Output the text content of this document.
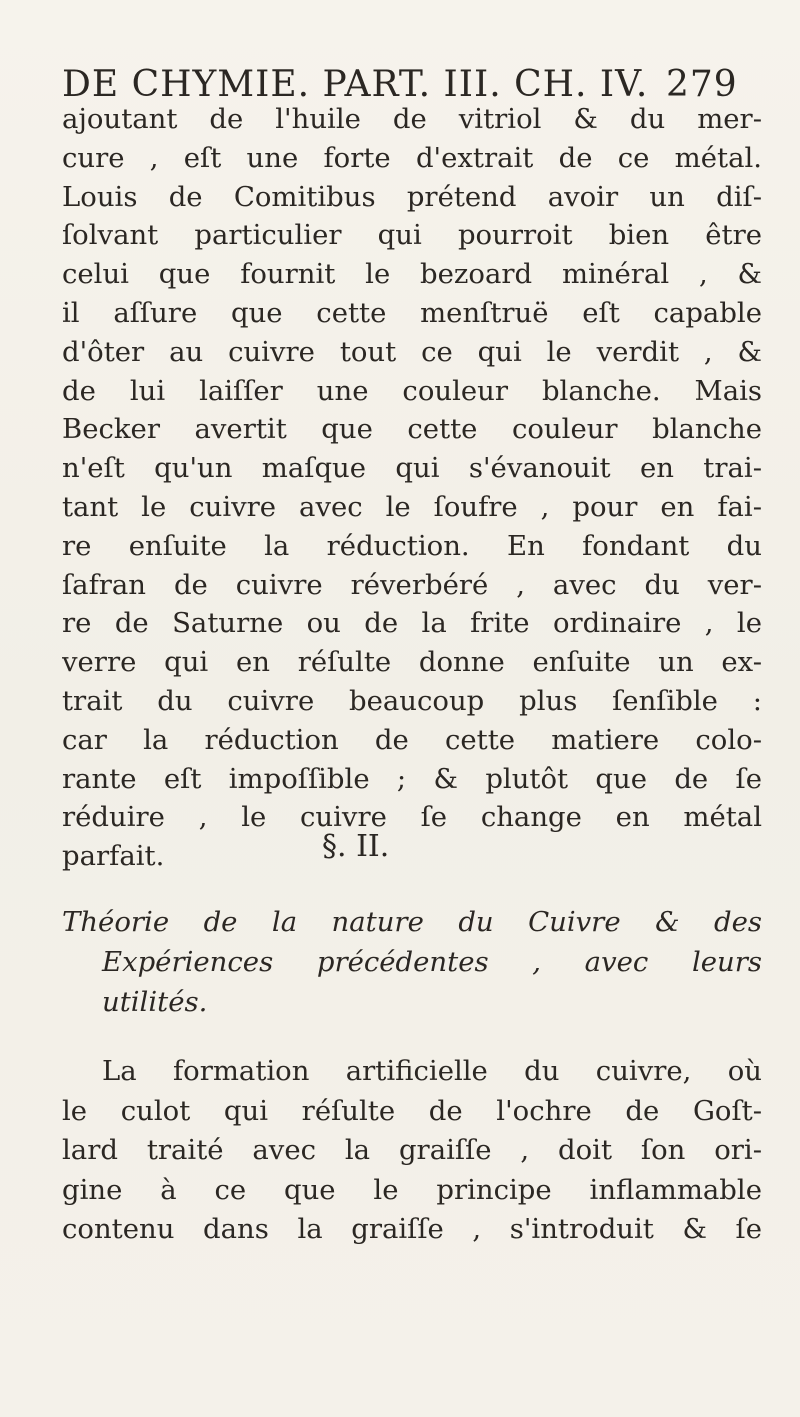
DE CHYMIE. PART. III. CH. IV. 279
ajoutant de l'huile de vitriol & du mer-
cure , eſt une forte d'extrait de ce métal.
Louis de Comitibus prétend avoir un diſ-
ſolvant particulier qui pourroit bien être
celui que fournit le bezoard minéral , &
il aſſure que cette menſtruë eſt capable
d'ôter au cuivre tout ce qui le verdit , &
de lui laiſſer une couleur blanche. Mais
Becker avertit que cette couleur blanche
n'eſt qu'un maſque qui s'évanouit en trai-
tant le cuivre avec le ſoufre , pour en fai-
re enſuite la réduction. En fondant du
ſafran de cuivre réverbéré , avec du ver-
re de Saturne ou de la frite ordinaire , le
verre qui en réſulte donne enſuite un ex-
trait du cuivre beaucoup plus ſenſible :
car la réduction de cette matiere colo-
rante eſt impoſſible ; & plutôt que de ſe
réduire , le cuivre ſe change en métal
parfait.	§. II.
Théorie de la nature du Cuivre & des
Expériences précédentes , avec leurs
utilités.
La formation artificielle du cuivre, où
le culot qui réſulte de l'ochre de Goſt-
lard traité avec la graiſſe , doit ſon ori-
gine à ce que le principe inflammable
contenu dans la graiſſe , s'introduit & ſe
